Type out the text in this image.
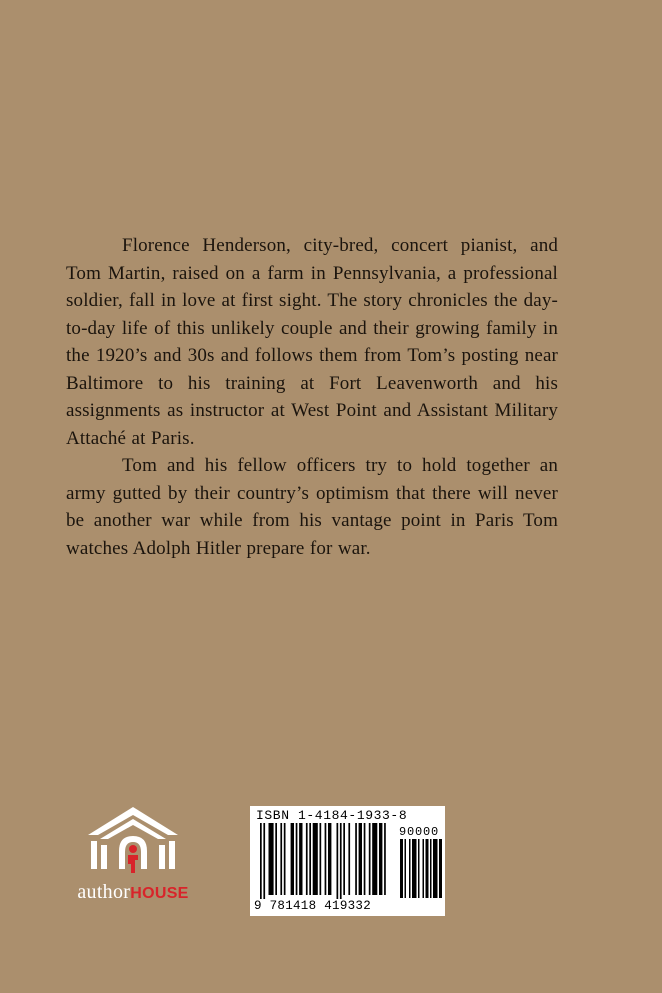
Florence Henderson, city-bred, concert pianist, and Tom Martin, raised on a farm in Pennsylvania, a professional soldier, fall in love at first sight. The story chronicles the day-to-day life of this unlikely couple and their growing family in the 1920’s and 30s and follows them from Tom’s posting near Baltimore to his training at Fort Leavenworth and his assignments as instructor at West Point and Assistant Military Attaché at Paris.

Tom and his fellow officers try to hold together an army gutted by their country’s optimism that there will never be another war while from his vantage point in Paris Tom watches Adolph Hitler prepare for war.

authorHOUSE
ISBN 1-4184-1933-8
90000
9 781418 419332
